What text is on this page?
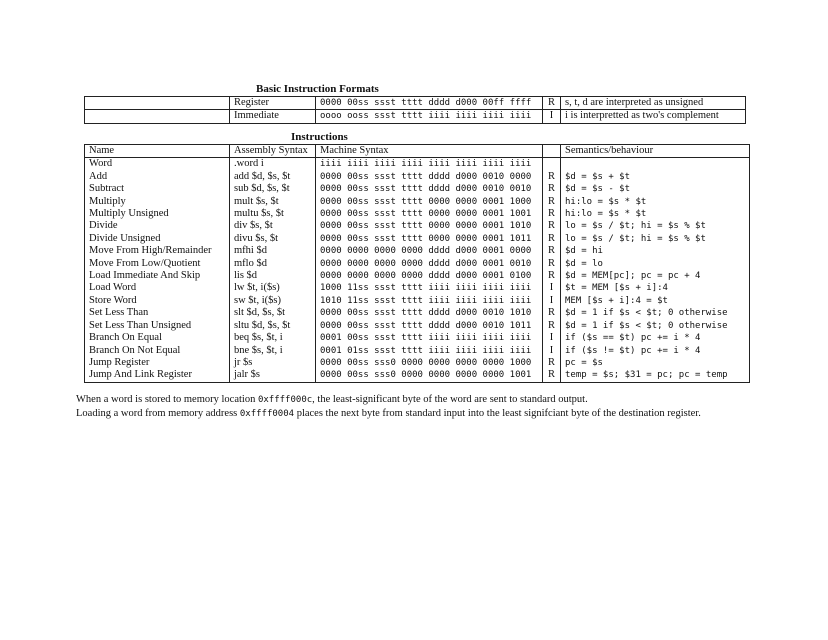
Basic Instruction Formats
	Register	0000 00ss ssst tttt dddd d000 00ff ffff	R	s, t, d are interpreted as unsigned
	Immediate	oooo ooss ssst tttt iiii iiii iiii iiii	I	i is interpretted as two's complement
Instructions
Name	Assembly Syntax	Machine Syntax		Semantics/behaviour
Word	.word i	iiii iiii iiii iiii iiii iiii iiii iiii		
Add	add $d, $s, $t	0000 00ss ssst tttt dddd d000 0010 0000	R	$d = $s + $t
Subtract	sub $d, $s, $t	0000 00ss ssst tttt dddd d000 0010 0010	R	$d = $s - $t
Multiply	mult $s, $t	0000 00ss ssst tttt 0000 0000 0001 1000	R	hi:lo = $s * $t
Multiply Unsigned	multu $s, $t	0000 00ss ssst tttt 0000 0000 0001 1001	R	hi:lo = $s * $t
Divide	div $s, $t	0000 00ss ssst tttt 0000 0000 0001 1010	R	lo = $s / $t; hi = $s % $t
Divide Unsigned	divu $s, $t	0000 00ss ssst tttt 0000 0000 0001 1011	R	lo = $s / $t; hi = $s % $t
Move From High/Remainder	mfhi $d	0000 0000 0000 0000 dddd d000 0001 0000	R	$d = hi
Move From Low/Quotient	mflo $d	0000 0000 0000 0000 dddd d000 0001 0010	R	$d = lo
Load Immediate And Skip	lis $d	0000 0000 0000 0000 dddd d000 0001 0100	R	$d = MEM[pc]; pc = pc + 4
Load Word	lw $t, i($s)	1000 11ss ssst tttt iiii iiii iiii iiii	I	$t = MEM [$s + i]:4
Store Word	sw $t, i($s)	1010 11ss ssst tttt iiii iiii iiii iiii	I	MEM [$s + i]:4 = $t
Set Less Than	slt $d, $s, $t	0000 00ss ssst tttt dddd d000 0010 1010	R	$d = 1 if $s < $t; 0 otherwise
Set Less Than Unsigned	sltu $d, $s, $t	0000 00ss ssst tttt dddd d000 0010 1011	R	$d = 1 if $s < $t; 0 otherwise
Branch On Equal	beq $s, $t, i	0001 00ss ssst tttt iiii iiii iiii iiii	I	if ($s == $t) pc += i * 4
Branch On Not Equal	bne $s, $t, i	0001 01ss ssst tttt iiii iiii iiii iiii	I	if ($s != $t) pc += i * 4
Jump Register	jr $s	0000 00ss sss0 0000 0000 0000 0000 1000	R	pc = $s
Jump And Link Register	jalr $s	0000 00ss sss0 0000 0000 0000 0000 1001	R	temp = $s; $31 = pc; pc = temp
When a word is stored to memory location 0xffff000c, the least-significant byte of the word are sent to standard output.
Loading a word from memory address 0xffff0004 places the next byte from standard input into the least signifciant byte of the destination register.
